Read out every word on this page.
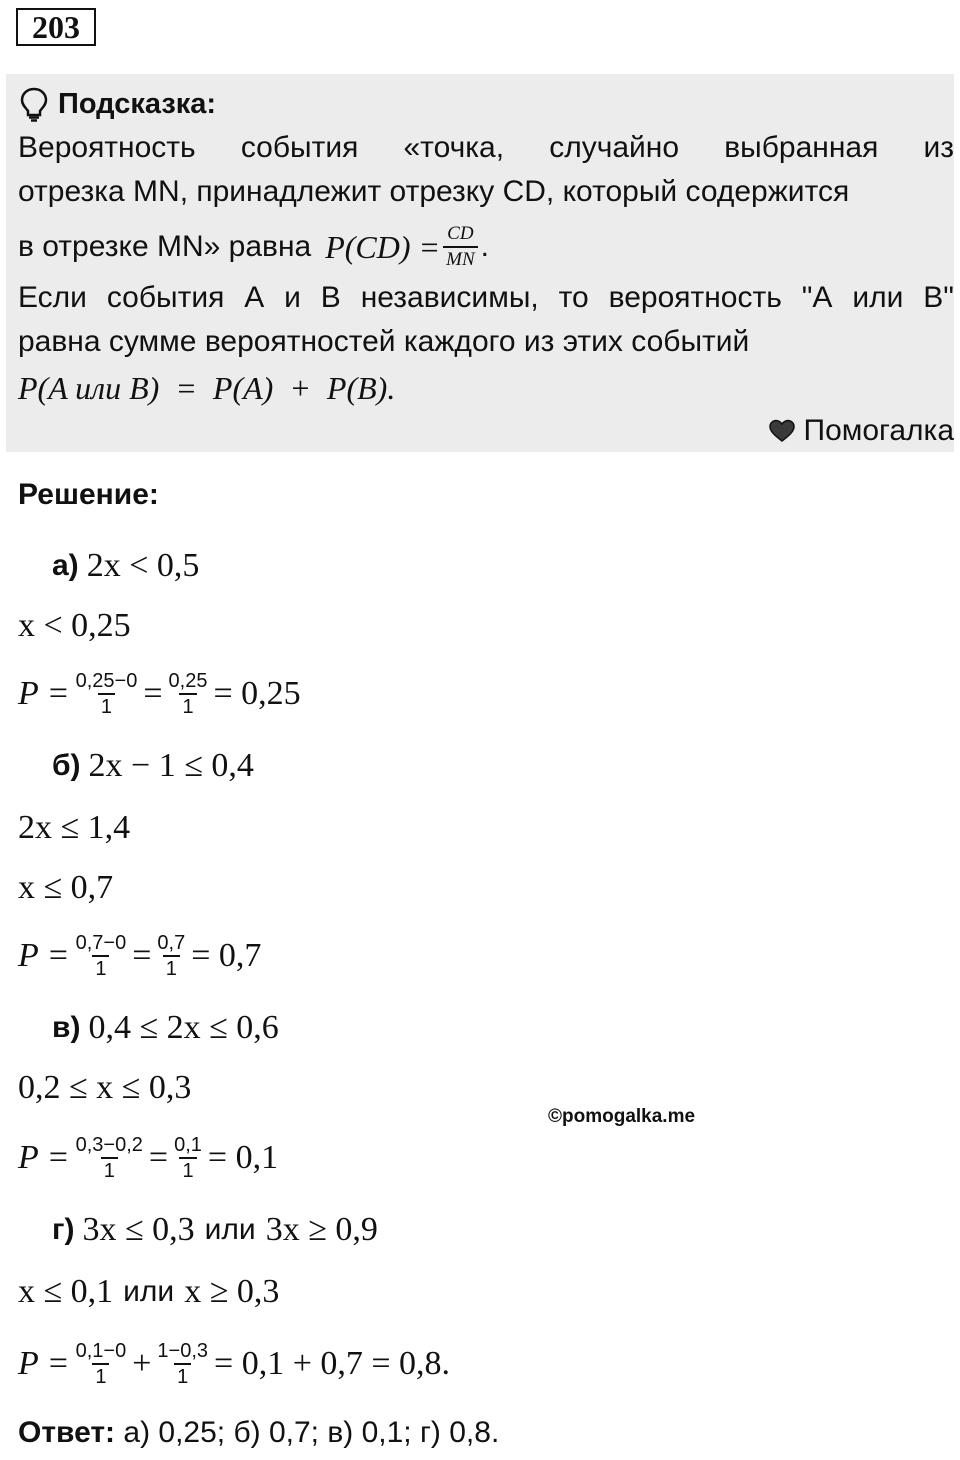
203
Подсказка:
Вероятность события «точка, случайно выбранная из
отрезка MN, принадлежит отрезку CD, который содержится
в отрезке MN» равна $P(CD) = \frac{CD}{MN}$ .
Если события A и B независимы, то вероятность "A или B"
равна сумме вероятностей каждого из этих событий
P(A или B)  =  P(A)  +  P(B).
Помогалка
Решение:
а) 2x < 0,5
x < 0,25
$P = \frac{0,25-0}{1} = \frac{0,25}{1} = 0,25$
б) 2x − 1 ≤ 0,4
2x ≤ 1,4
x ≤ 0,7
$P = \frac{0,7-0}{1} = \frac{0,7}{1} = 0,7$
в) 0,4 ≤ 2x ≤ 0,6
0,2 ≤ x ≤ 0,3
$P = \frac{0,3-0,2}{1} = \frac{0,1}{1} = 0,1$
©pomogalka.me
г) 3x ≤ 0,3 или 3x ≥ 0,9
x ≤ 0,1 или x ≥ 0,3
$P = \frac{0,1-0}{1} + \frac{1-0,3}{1} = 0,1 + 0,7 = 0,8$.
Ответ: а) 0,25; б) 0,7; в) 0,1; г) 0,8.
